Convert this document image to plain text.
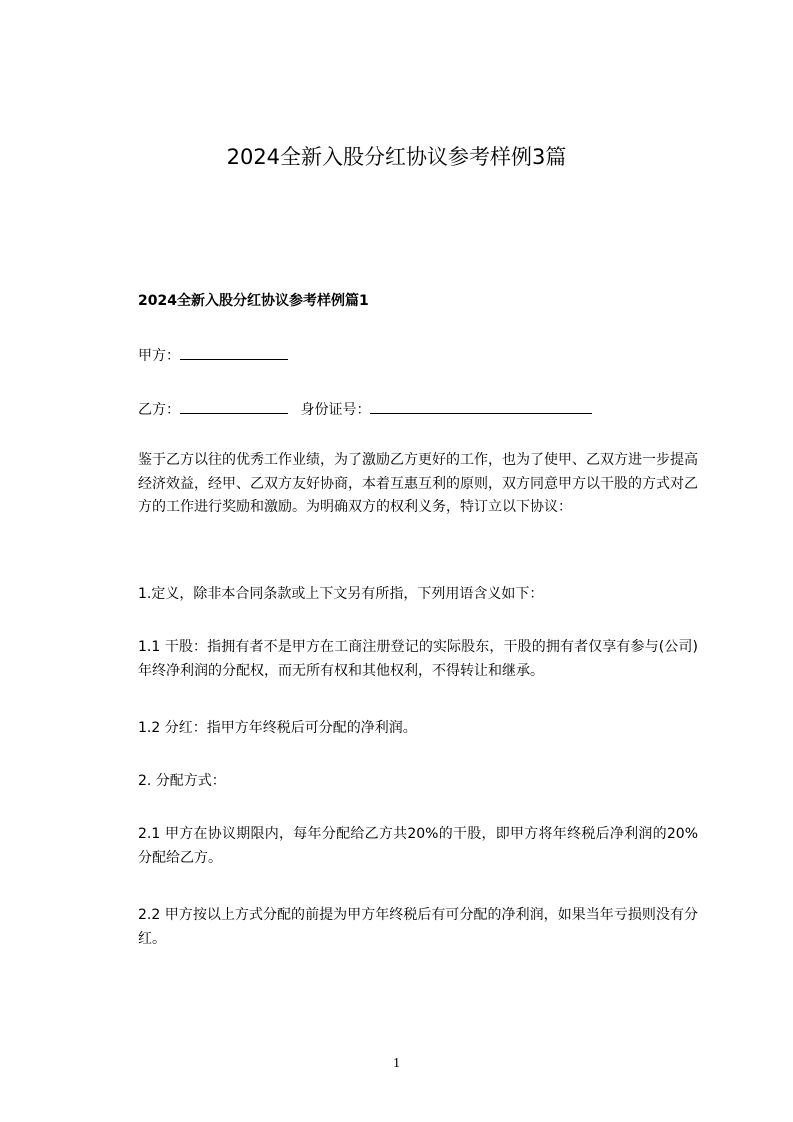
2024全新入股分红协议参考样例3篇
2024全新入股分红协议参考样例篇1
甲方：
乙方：	身份证号：

鉴于乙方以往的优秀工作业绩，为了激励乙方更好的工作，也为了使甲、乙双方进一步提高经济效益，经甲、乙双方友好协商，本着互惠互利的原则，双方同意甲方以干股的方式对乙方的工作进行奖励和激励。为明确双方的权利义务，特订立以下协议：

1.定义，除非本合同条款或上下文另有所指，下列用语含义如下：

1.1 干股：指拥有者不是甲方在工商注册登记的实际股东，干股的拥有者仅享有参与(公司)年终净利润的分配权，而无所有权和其他权利，不得转让和继承。

1.2 分红：指甲方年终税后可分配的净利润。
2. 分配方式：

2.1 甲方在协议期限内，每年分配给乙方共20%的干股，即甲方将年终税后净利润的20%分配给乙方。

2.2 甲方按以上方式分配的前提为甲方年终税后有可分配的净利润，如果当年亏损则没有分红。

1
